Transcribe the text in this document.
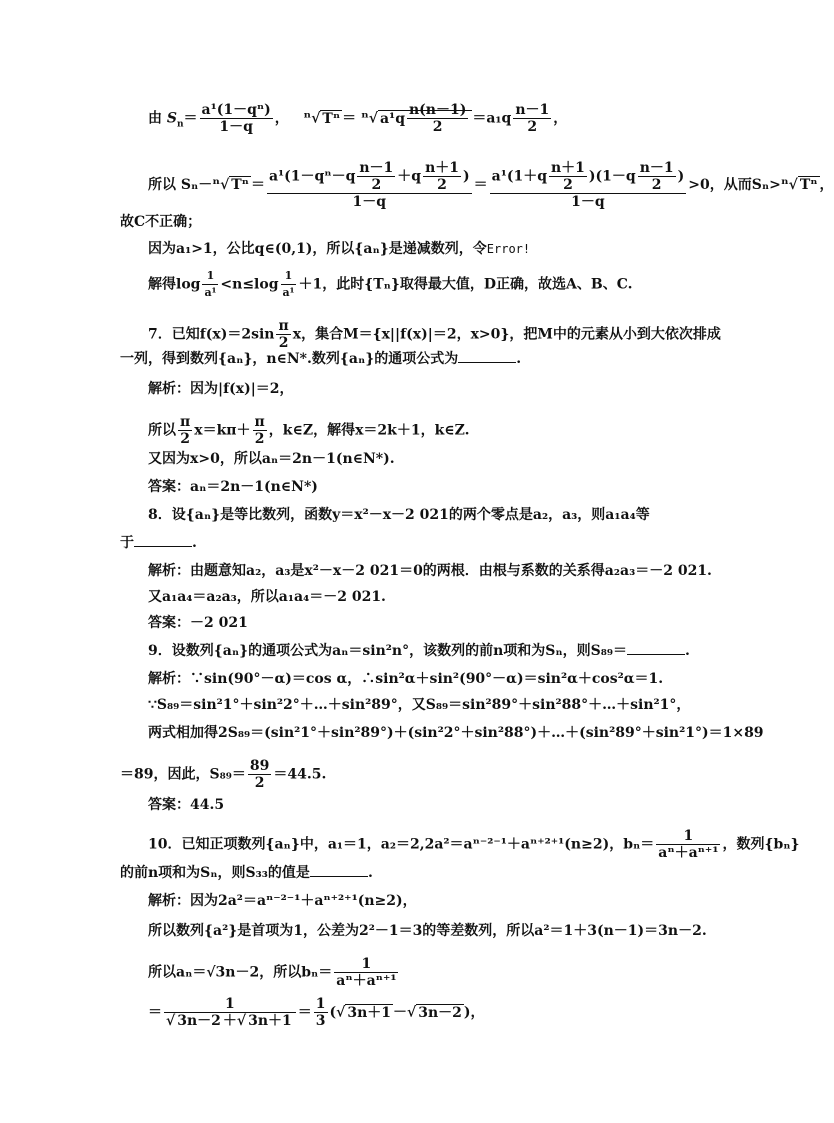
由 $S_n= \frac{\text{a¹(1－qⁿ)}}{1-q}$ ， ⁿ√ Tⁿ ＝ ⁿ√ $a^1q \frac{n(n-1)}{2} =a_1q \frac{n-1}{2}$ ，
所以 Sₙ－ⁿ√ $T^n = \frac{a^1(1-q^n-q \frac{n-1}{2} +q \frac{n+1}{2} )}{1-q} = \frac{a^1(1+q \frac{n+1}{2} )(1-q \frac{n-1}{2} )}{1-q} >0$，从而Sₙ>ⁿ√ Tⁿ ，
故C不正确；
因为a₁>1，公比q∈(0,1)，所以{aₙ}是递减数列，令Error!
解得$\log \frac{1}{\text{a¹}} <n\le\log \frac{1}{\text{a¹}} +1$，此时{Tₙ}取得最大值，D正确，故选A、B、C.
7．已知$f(x)=2\sin \frac{\pi}{2}$ x，集合M＝{x||f(x)|＝2，x>0}，把M中的元素从小到大依次排成
一列，得到数列{aₙ}，n∈N*.数列{aₙ}的通项公式为	.
解析：因为|f(x)|＝2，
所以 $\frac{\pi}{2} x=k\pi+ \frac{\pi}{2}$ ，k∈Z，解得x＝2k＋1，k∈Z.
又因为x>0，所以aₙ＝2n－1(n∈N*).
答案：aₙ＝2n－1(n∈N*)
8．设{aₙ}是等比数列，函数y＝x²－x－2 021的两个零点是a₂，a₃，则a₁a₄等
于	.
解析：由题意知a₂，a₃是x²－x－2 021＝0的两根．由根与系数的关系得a₂a₃＝－2 021.
又a₁a₄＝a₂a₃，所以a₁a₄＝－2 021.
答案：－2 021
9．设数列{aₙ}的通项公式为aₙ＝sin²n°，该数列的前n项和为Sₙ，则S₈₉＝	.
解析：∵sin(90°－α)＝cos α，∴sin²α＋sin²(90°－α)＝sin²α＋cos²α＝1.
∵S₈₉＝sin²1°＋sin²2°＋…＋sin²89°，又S₈₉＝sin²89°＋sin²88°＋…＋sin²1°，
两式相加得2S₈₉＝(sin²1°＋sin²89°)＋(sin²2°＋sin²88°)＋…＋(sin²89°＋sin²1°)＝1×89
＝89，因此，$S_{89}= \frac{89}{2} =44.5$.
答案：44.5
10．已知正项数列{aₙ}中，a₁＝1，a₂＝2,2a²＝aⁿ⁻²⁻¹＋aⁿ⁺²⁺¹(n≥2)，$b_n= \frac{1}{\text{aⁿ＋aⁿ⁺¹}}$ ，数列{bₙ}
的前n项和为Sₙ，则S₃₃的值是	.
解析：因为2a²＝aⁿ⁻²⁻¹＋aⁿ⁺²⁺¹(n≥2)，
所以数列{a²}是首项为1，公差为2²－1＝3的等差数列，所以a²＝1＋3(n－1)＝3n－2.
所以aₙ＝√3n－2，所以$b_n= \frac{1}{\text{aⁿ＋aⁿ⁺¹}}$
＝ $\frac{1}{√ 3n-2 +√ 3n+1} = \frac{1}{3}$ (√ 3n＋1 －√ 3n－2 )，
